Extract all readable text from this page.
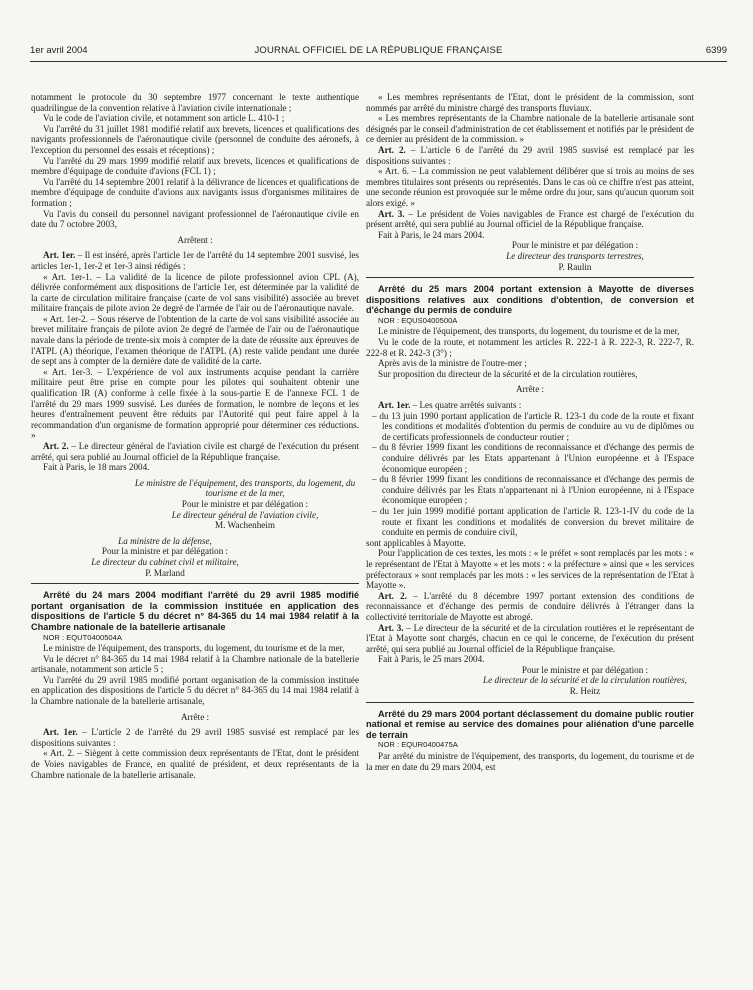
1er avril 2004	JOURNAL OFFICIEL DE LA RÉPUBLIQUE FRANÇAISE	6399

notamment le protocole du 30 septembre 1977 concernant le texte authentique quadrilingue de la convention relative à l'aviation civile internationale ;

Vu le code de l'aviation civile, et notamment son article L. 410-1 ;

Vu l'arrêté du 31 juillet 1981 modifié relatif aux brevets, licences et qualifications des navigants professionnels de l'aéronautique civile (personnel de conduite des aéronefs, à l'exception du personnel des essais et réceptions) ;

Vu l'arrêté du 29 mars 1999 modifié relatif aux brevets, licences et qualifications de membre d'équipage de conduite d'avions (FCL 1) ;

Vu l'arrêté du 14 septembre 2001 relatif à la délivrance de licences et qualifications de membre d'équipage de conduite d'avions aux navigants issus d'organismes militaires de formation ;

Vu l'avis du conseil du personnel navigant professionnel de l'aéronautique civile en date du 7 octobre 2003,

Arrêtent :

Art. 1er. – Il est inséré, après l'article 1er de l'arrêté du 14 septembre 2001 susvisé, les articles 1er-1, 1er-2 et 1er-3 ainsi rédigés :

« Art. 1er-1. – La validité de la licence de pilote professionnel avion CPL (A), délivrée conformément aux dispositions de l'article 1er, est déterminée par la validité de la carte de circulation militaire française (carte de vol sans visibilité) associée au brevet militaire français de pilote avion 2e degré de l'armée de l'air ou de l'aéronautique navale.

« Art. 1er-2. – Sous réserve de l'obtention de la carte de vol sans visibilité associée au brevet militaire français de pilote avion 2e degré de l'armée de l'air ou de l'aéronautique navale dans la période de trente-six mois à compter de la date de réussite aux épreuves de l'ATPL (A) théorique, l'examen théorique de l'ATPL (A) reste valide pendant une durée de sept ans à compter de la dernière date de validité de la carte.

« Art. 1er-3. – L'expérience de vol aux instruments acquise pendant la carrière militaire peut être prise en compte pour les pilotes qui souhaitent obtenir une qualification IR (A) conforme à celle fixée à la sous-partie E de l'annexe FCL 1 de l'arrêté du 29 mars 1999 susvisé. Les durées de formation, le nombre de leçons et les heures d'entraînement peuvent être réduits par l'Autorité qui peut faire appel à la recommandation d'un organisme de formation approprié pour déterminer ces réductions. »

Art. 2. – Le directeur général de l'aviation civile est chargé de l'exécution du présent arrêté, qui sera publié au Journal officiel de la République française.

Fait à Paris, le 18 mars 2004.

Le ministre de l'équipement, des transports, du logement, du tourisme et de la mer,

Pour le ministre et par délégation :

Le directeur général de l'aviation civile,

M. Wachenheim

La ministre de la défense,

Pour la ministre et par délégation :

Le directeur du cabinet civil et militaire,

P. Marland

Arrêté du 24 mars 2004 modifiant l'arrêté du 29 avril 1985 modifié portant organisation de la commission instituée en application des dispositions de l'article 5 du décret n° 84-365 du 14 mai 1984 relatif à la Chambre nationale de la batellerie artisanale

NOR : EQUT0400504A

Le ministre de l'équipement, des transports, du logement, du tourisme et de la mer,

Vu le décret n° 84-365 du 14 mai 1984 relatif à la Chambre nationale de la batellerie artisanale, notamment son article 5 ;

Vu l'arrêté du 29 avril 1985 modifié portant organisation de la commission instituée en application des dispositions de l'article 5 du décret n° 84-365 du 14 mai 1984 relatif à la Chambre nationale de la batellerie artisanale,

Arrête :

Art. 1er. – L'article 2 de l'arrêté du 29 avril 1985 susvisé est remplacé par les dispositions suivantes :

« Art. 2. – Siègent à cette commission deux représentants de l'Etat, dont le président de Voies navigables de France, en qualité de président, et deux représentants de la Chambre nationale de la batellerie artisanale.

« Les membres représentants de l'Etat, dont le président de la commission, sont nommés par arrêté du ministre chargé des transports fluviaux.

« Les membres représentants de la Chambre nationale de la batellerie artisanale sont désignés par le conseil d'administration de cet établissement et notifiés par le président de ce dernier au président de la commission. »

Art. 2. – L'article 6 de l'arrêté du 29 avril 1985 susvisé est remplacé par les dispositions suivantes :

« Art. 6. – La commission ne peut valablement délibérer que si trois au moins de ses membres titulaires sont présents ou représentés. Dans le cas où ce chiffre n'est pas atteint, une seconde réunion est provoquée sur le même ordre du jour, sans qu'aucun quorum soit alors exigé. »

Art. 3. – Le président de Voies navigables de France est chargé de l'exécution du présent arrêté, qui sera publié au Journal officiel de la République française.

Fait à Paris, le 24 mars 2004.

Pour le ministre et par délégation :

Le directeur des transports terrestres,

P. Raulin

Arrêté du 25 mars 2004 portant extension à Mayotte de diverses dispositions relatives aux conditions d'obtention, de conversion et d'échange du permis de conduire

NOR : EQUS0400500A

Le ministre de l'équipement, des transports, du logement, du tourisme et de la mer,

Vu le code de la route, et notamment les articles R. 222-1 à R. 222-3, R. 222-7, R. 222-8 et R. 242-3 (3°) ;

Après avis de la ministre de l'outre-mer ;

Sur proposition du directeur de la sécurité et de la circulation routières,

Arrête :

Art. 1er. – Les quatre arrêtés suivants :

– du 13 juin 1990 portant application de l'article R. 123-1 du code de la route et fixant les conditions et modalités d'obtention du permis de conduire au vu de diplômes ou de certificats professionnels de conducteur routier ;

– du 8 février 1999 fixant les conditions de reconnaissance et d'échange des permis de conduire délivrés par les Etats appartenant à l'Union européenne et à l'Espace économique européen ;

– du 8 février 1999 fixant les conditions de reconnaissance et d'échange des permis de conduire délivrés par les Etats n'appartenant ni à l'Union européenne, ni à l'Espace économique européen ;

– du 1er juin 1999 modifié portant application de l'article R. 123-1-IV du code de la route et fixant les conditions et modalités de conversion du brevet militaire de conduite en permis de conduire civil,

sont applicables à Mayotte.

Pour l'application de ces textes, les mots : « le préfet » sont remplacés par les mots : « le représentant de l'Etat à Mayotte » et les mots : « la préfecture » ainsi que « les services préfectoraux » sont remplacés par les mots : « les services de la représentation de l'Etat à Mayotte ».

Art. 2. – L'arrêté du 8 décembre 1997 portant extension des conditions de reconnaissance et d'échange des permis de conduire délivrés à l'étranger dans la collectivité territoriale de Mayotte est abrogé.

Art. 3. – Le directeur de la sécurité et de la circulation routières et le représentant de l'Etat à Mayotte sont chargés, chacun en ce qui le concerne, de l'exécution du présent arrêté, qui sera publié au Journal officiel de la République française.

Fait à Paris, le 25 mars 2004.

Pour le ministre et par délégation :

Le directeur de la sécurité et de la circulation routières,

R. Heitz

Arrêté du 29 mars 2004 portant déclassement du domaine public routier national et remise au service des domaines pour aliénation d'une parcelle de terrain

NOR : EQUR0400475A

Par arrêté du ministre de l'équipement, des transports, du logement, du tourisme et de la mer en date du 29 mars 2004, est
